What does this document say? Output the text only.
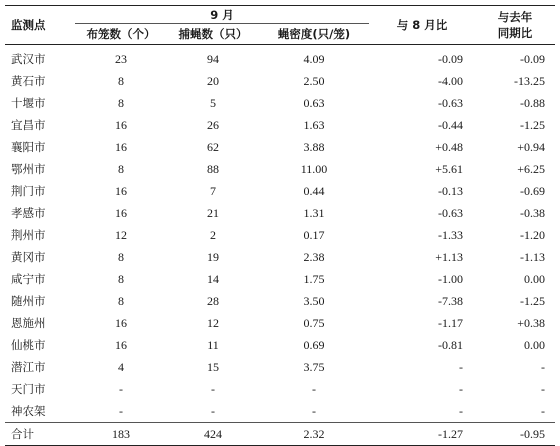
监测点	9 月			与 8 月比	与去年
同期比

	布笼数（个）	捕蝇数（只）	蝇密度(只/笼)		
武汉市	23	94	4.09	-0.09	-0.09
黄石市	8	20	2.50	-4.00	-13.25
十堰市	8	5	0.63	-0.63	-0.88
宜昌市	16	26	1.63	-0.44	-1.25
襄阳市	16	62	3.88	+0.48	+0.94
鄂州市	8	88	11.00	+5.61	+6.25
荆门市	16	7	0.44	-0.13	-0.69
孝感市	16	21	1.31	-0.63	-0.38
荆州市	12	2	0.17	-1.33	-1.20
黄冈市	8	19	2.38	+1.13	-1.13
咸宁市	8	14	1.75	-1.00	0.00
随州市	8	28	3.50	-7.38	-1.25
恩施州	16	12	0.75	-1.17	+0.38
仙桃市	16	11	0.69	-0.81	0.00
潜江市	4	15	3.75	-	-
天门市	-	-	-	-	-
神农架	-	-	-	-	-
合计	183	424	2.32	-1.27	-0.95
